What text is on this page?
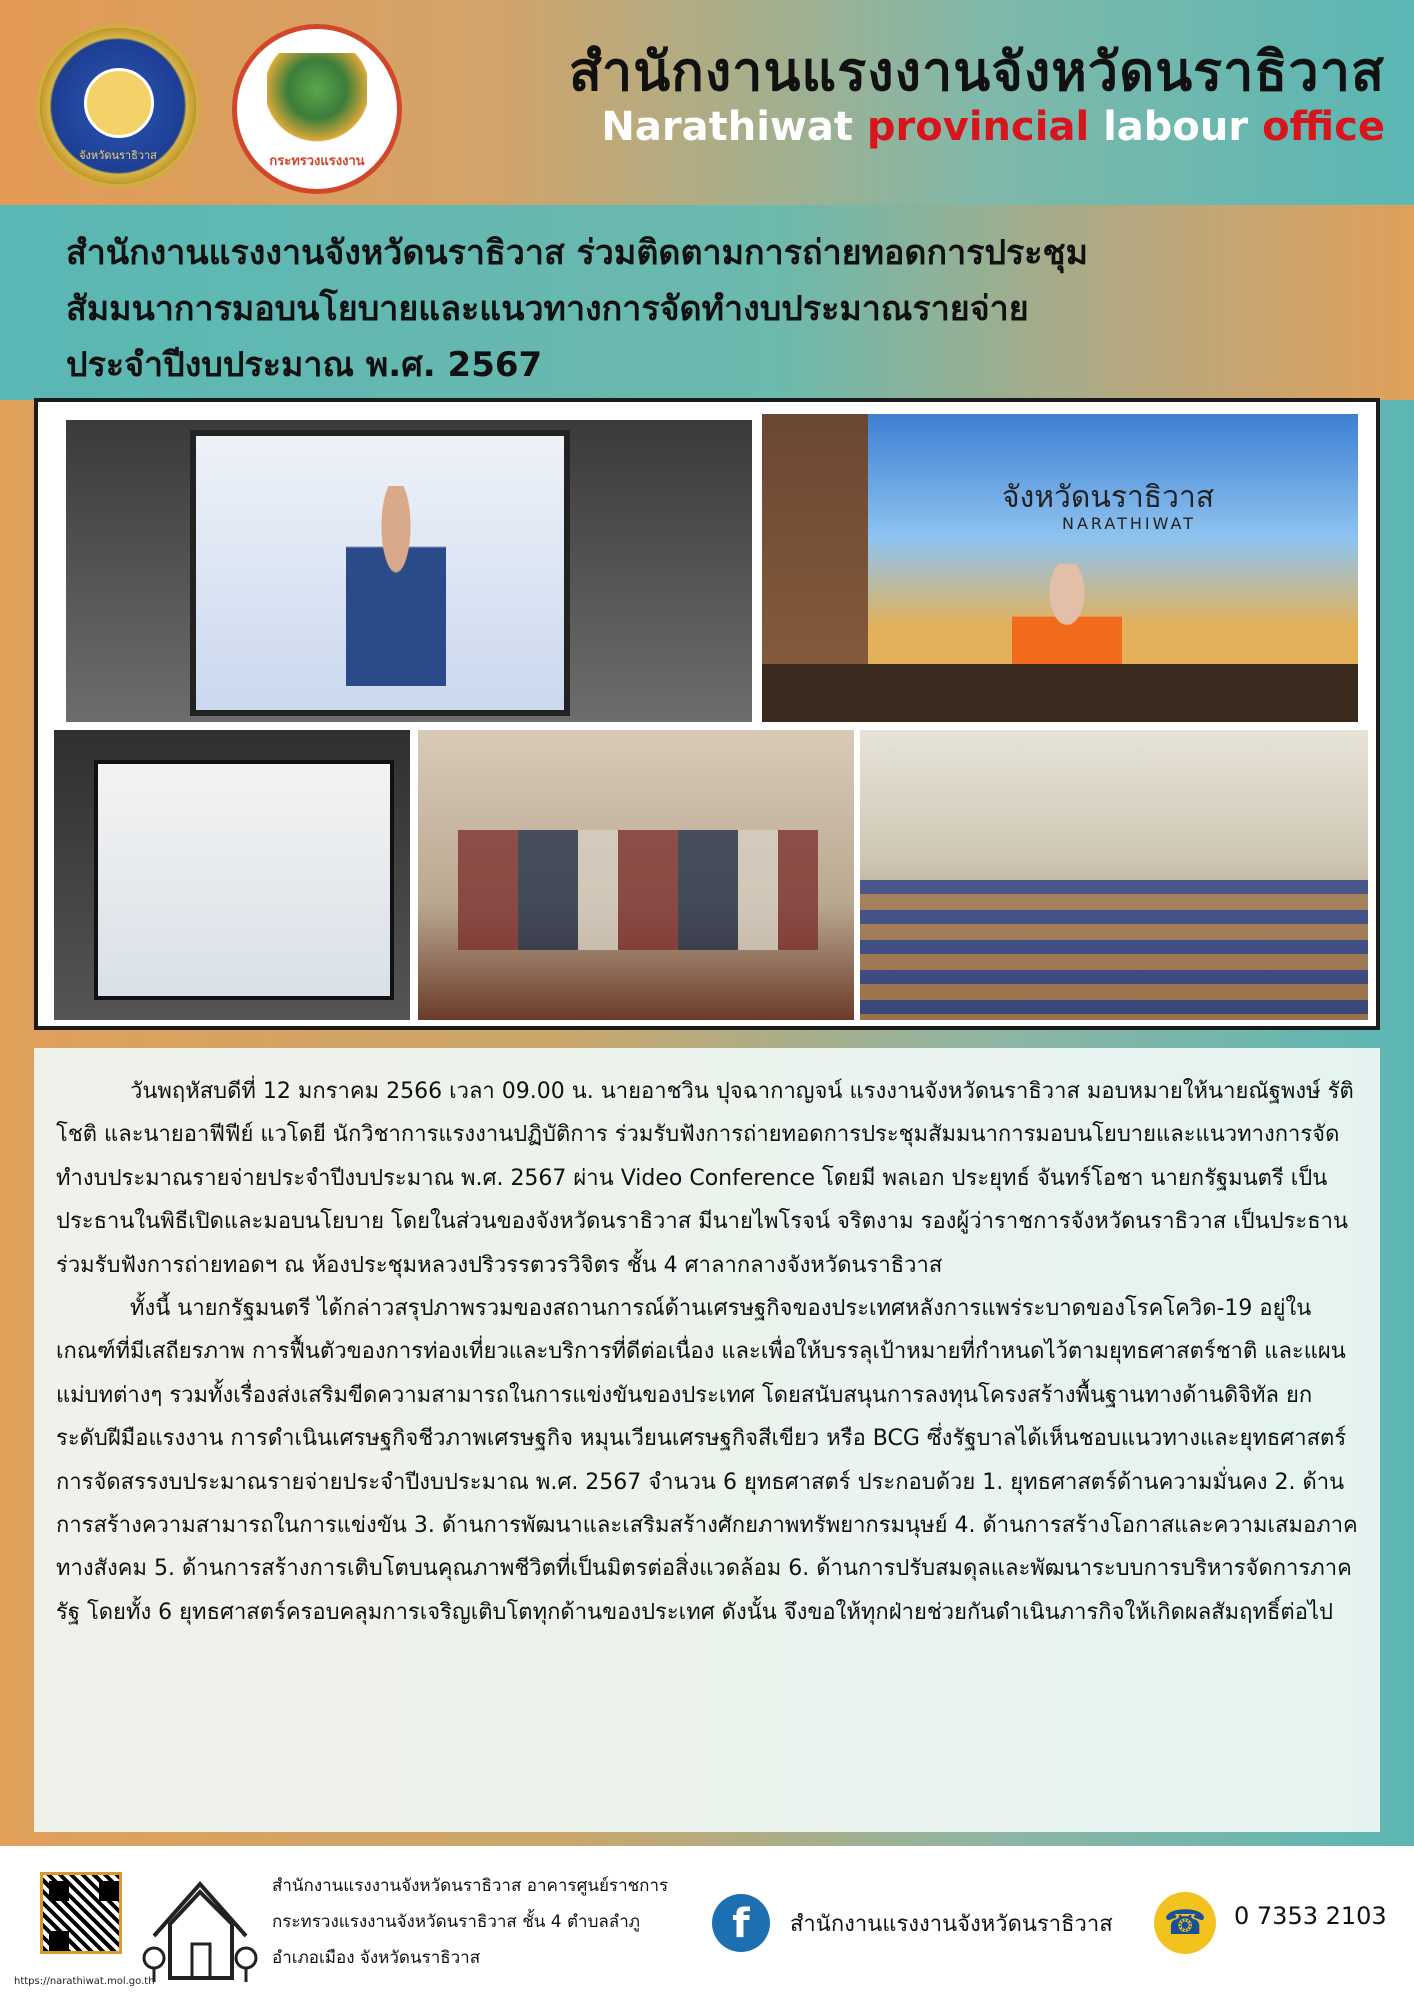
จังหวัดนราธิวาส	กระทรวงแรงงาน
สำนักงานแรงงานจังหวัดนราธิวาส
Narathiwat provincial labour office

สำนักงานแรงงานจังหวัดนราธิวาส ร่วมติดตามการถ่ายทอดการประชุม

สัมมนาการมอบนโยบายและแนวทางการจัดทำงบประมาณรายจ่าย

ประจำปีงบประมาณ พ.ศ. 2567

จังหวัดนราธิวาส
NARATHIWAT

วันพฤหัสบดีที่ 12 มกราคม 2566 เวลา 09.00 น. นายอาชวิน ปุจฉากาญจน์ แรงงานจังหวัดนราธิวาส มอบหมายให้นายณัฐพงษ์ รัติโชติ และนายอาฟีฟีย์ แวโดยี นักวิชาการแรงงานปฏิบัติการ ร่วมรับฟังการถ่ายทอดการประชุมสัมมนาการมอบนโยบายและแนวทางการจัดทำงบประมาณรายจ่ายประจำปีงบประมาณ พ.ศ. 2567 ผ่าน Video Conference โดยมี พลเอก ประยุทธ์ จันทร์โอชา นายกรัฐมนตรี เป็นประธานในพิธีเปิดและมอบนโยบาย โดยในส่วนของจังหวัดนราธิวาส มีนายไพโรจน์ จริตงาม รองผู้ว่าราชการจังหวัดนราธิวาส เป็นประธานร่วมรับฟังการถ่ายทอดฯ ณ ห้องประชุมหลวงปริวรรตวรวิจิตร ชั้น 4 ศาลากลางจังหวัดนราธิวาส

ทั้งนี้ นายกรัฐมนตรี ได้กล่าวสรุปภาพรวมของสถานการณ์ด้านเศรษฐกิจของประเทศหลังการแพร่ระบาดของโรคโควิด-19 อยู่ในเกณฑ์ที่มีเสถียรภาพ การฟื้นตัวของการท่องเที่ยวและบริการที่ดีต่อเนื่อง และเพื่อให้บรรลุเป้าหมายที่กำหนดไว้ตามยุทธศาสตร์ชาติ และแผนแม่บทต่างๆ รวมทั้งเรื่องส่งเสริมขีดความสามารถในการแข่งขันของประเทศ โดยสนับสนุนการลงทุนโครงสร้างพื้นฐานทางด้านดิจิทัล ยกระดับฝีมือแรงงาน การดำเนินเศรษฐกิจชีวภาพเศรษฐกิจ หมุนเวียนเศรษฐกิจสีเขียว หรือ BCG ซึ่งรัฐบาลได้เห็นชอบแนวทางและยุทธศาสตร์การจัดสรรงบประมาณรายจ่ายประจำปีงบประมาณ พ.ศ. 2567 จำนวน 6 ยุทธศาสตร์ ประกอบด้วย 1. ยุทธศาสตร์ด้านความมั่นคง 2. ด้านการสร้างความสามารถในการแข่งขัน 3. ด้านการพัฒนาและเสริมสร้างศักยภาพทรัพยากรมนุษย์ 4. ด้านการสร้างโอกาสและความเสมอภาคทางสังคม 5. ด้านการสร้างการเติบโตบนคุณภาพชีวิตที่เป็นมิตรต่อสิ่งแวดล้อม 6. ด้านการปรับสมดุลและพัฒนาระบบการบริหารจัดการภาครัฐ โดยทั้ง 6 ยุทธศาสตร์ครอบคลุมการเจริญเติบโตทุกด้านของประเทศ ดังนั้น จึงขอให้ทุกฝ่ายช่วยกันดำเนินภารกิจให้เกิดผลสัมฤทธิ์ต่อไป

https://narathiwat.mol.go.th
สำนักงานแรงงานจังหวัดนราธิวาส อาคารศูนย์ราชการ
กระทรวงแรงงานจังหวัดนราธิวาส ชั้น 4 ตำบลลำภู
อำเภอเมือง จังหวัดนราธิวาส
f	สำนักงานแรงงานจังหวัดนราธิวาส ☎	0 7353 2103
